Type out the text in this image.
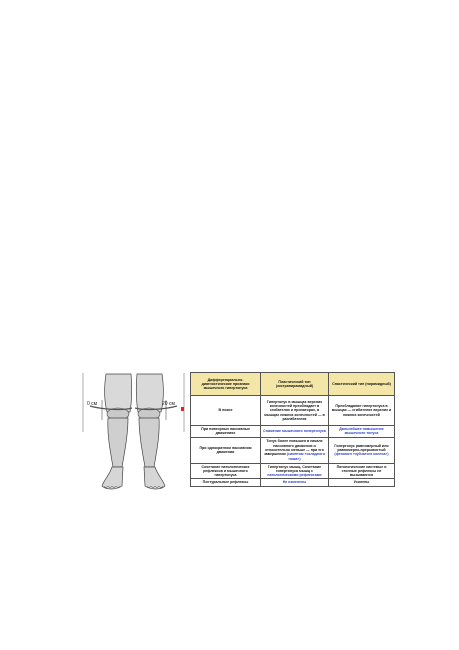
0 см	20 см
Дифференциально-диагностические признаки мышечного гипертонуса	Пластический тип (экстрапирамидный)	Спастический тип (пирамидный)
В покое	Гипертонус в мышцах верхних конечностей преобладает в сгибателях и пронаторах, в мышцах нижних конечностей — в разгибателях	Преобладание гипертонуса в мышцах — сгибателях верхних и нижних конечностей
При повторных пассивных движениях	Снижение мышечного гипертонуса	Дальнейшее повышение мышечного тонуса
При однократном пассивном движении	Тонус более повышен в начале пассивного движения и относительно меньше — при его завершении (симптом «складного ножа»)	Гипертонус равномерный или равномерно-прерывистый (феномен «зубчатого колеса»)
Сочетание патологических рефлексов и мышечного гипертонуса	Гипертонус мышц. Сочетание гипертонуса мышц с патологическими рефлексами	Патологические кистевые и стопные рефлексы не вызываются
Постуральные рефлексы	Не изменены	Усилены
